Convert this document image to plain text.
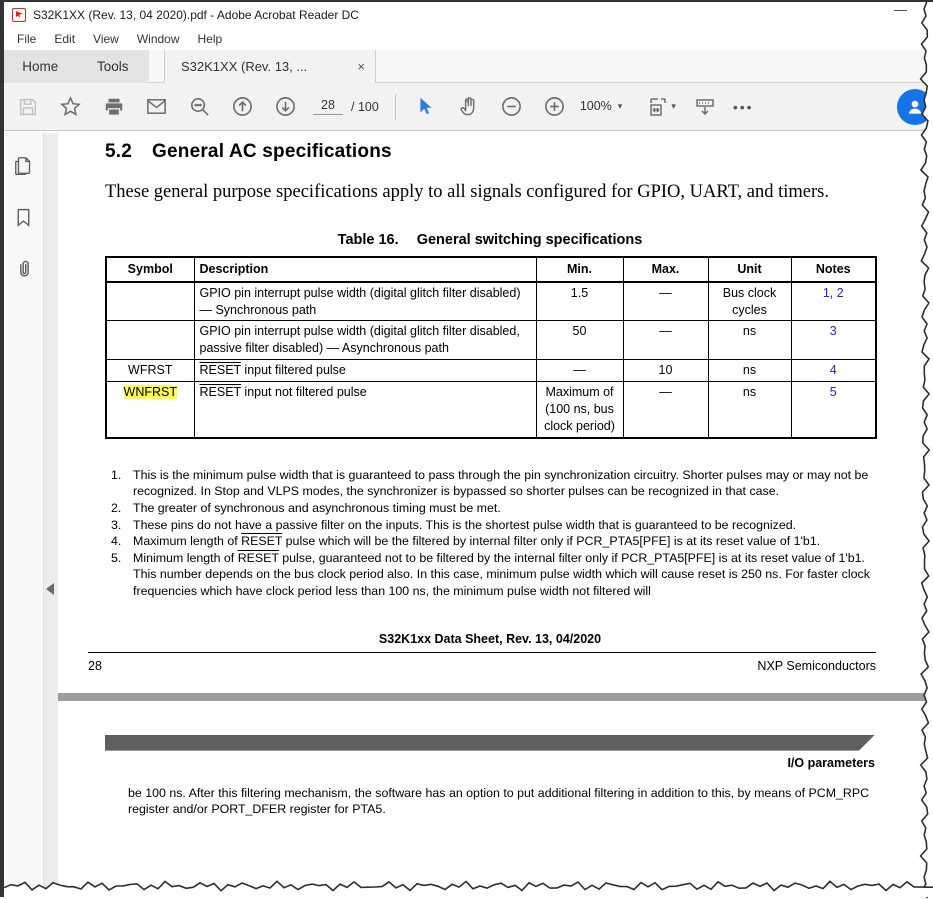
S32K1XX (Rev. 13, 04 2020).pdf - Adobe Acrobat Reader DC	—
File	Edit	View	Window	Help
Home	Tools	S32K1XX (Rev. 13, ...	×
28	/ 100	100% ▾	▾	•••
5.2 General AC specifications
These general purpose specifications apply to all signals configured for GPIO, UART, and timers.
Table 16. General switching specifications
Symbol	Description	Min.	Max.	Unit	Notes
	GPIO pin interrupt pulse width (digital glitch filter disabled) — Synchronous path	1.5	—	Bus clock cycles	1, 2
	GPIO pin interrupt pulse width (digital glitch filter disabled, passive filter disabled) — Asynchronous path	50	—	ns	3
WFRST	RESET input filtered pulse	—	10	ns	4
WNFRST	RESET input not filtered pulse	Maximum of (100 ns, bus clock period)	—	ns	5
1. This is the minimum pulse width that is guaranteed to pass through the pin synchronization circuitry. Shorter pulses may or may not be recognized. In Stop and VLPS modes, the synchronizer is bypassed so shorter pulses can be recognized in that case.
2. The greater of synchronous and asynchronous timing must be met.
3. These pins do not have a passive filter on the inputs. This is the shortest pulse width that is guaranteed to be recognized.
4. Maximum length of RESET pulse which will be the filtered by internal filter only if PCR_PTA5[PFE] is at its reset value of 1'b1.
5. Minimum length of RESET pulse, guaranteed not to be filtered by the internal filter only if PCR_PTA5[PFE] is at its reset value of 1'b1. This number depends on the bus clock period also. In this case, minimum pulse width which will cause reset is 250 ns. For faster clock frequencies which have clock period less than 100 ns, the minimum pulse width not filtered will
S32K1xx Data Sheet, Rev. 13, 04/2020
28	NXP Semiconductors
I/O parameters
be 100 ns. After this filtering mechanism, the software has an option to put additional filtering in addition to this, by means of PCM_RPC register and/or PORT_DFER register for PTA5.
